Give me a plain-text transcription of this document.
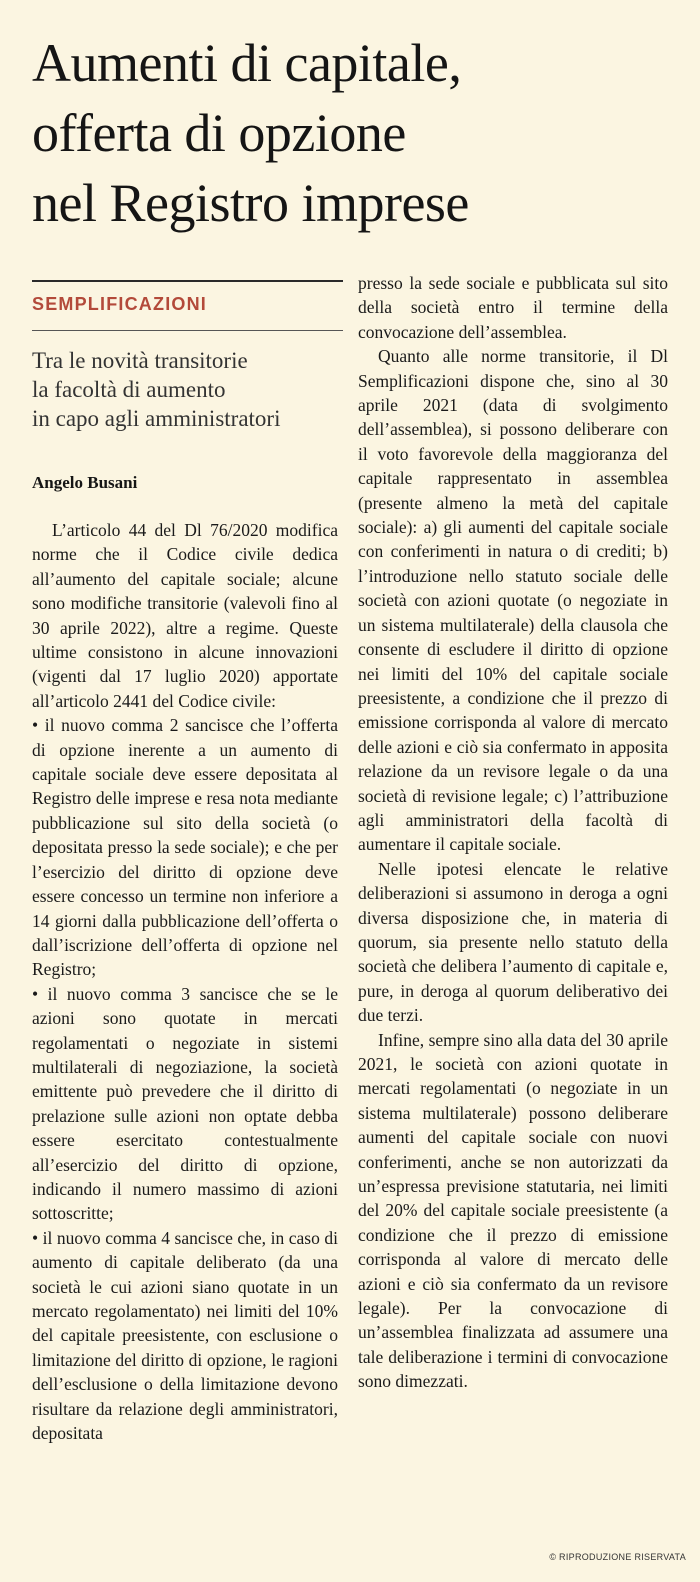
Aumenti di capitale,
offerta di opzione
nel Registro imprese
SEMPLIFICAZIONI
Tra le novità transitorie
la facoltà di aumento
in capo agli amministratori
Angelo Busani

L’articolo 44 del Dl 76/2020 modifica norme che il Codice civile dedica all’aumento del capitale sociale; alcune sono modifiche transitorie (valevoli fino al 30 aprile 2022), altre a regime. Queste ultime consistono in alcune innovazioni (vigenti dal 17 luglio 2020) apportate all’articolo 2441 del Codice civile:

• il nuovo comma 2 sancisce che l’offerta di opzione inerente a un aumento di capitale sociale deve essere depositata al Registro delle imprese e resa nota mediante pubblicazione sul sito della società (o depositata presso la sede sociale); e che per l’esercizio del diritto di opzione deve essere concesso un termine non inferiore a 14 giorni dalla pubblicazione dell’offerta o dall’iscrizione dell’offerta di opzione nel Registro;

• il nuovo comma 3 sancisce che se le azioni sono quotate in mercati regolamentati o negoziate in sistemi multilaterali di negoziazione, la società emittente può prevedere che il diritto di prelazione sulle azioni non optate debba essere esercitato contestualmente all’esercizio del diritto di opzione, indicando il numero massimo di azioni sottoscritte;

• il nuovo comma 4 sancisce che, in caso di aumento di capitale deliberato (da una società le cui azioni siano quotate in un mercato regolamentato) nei limiti del 10% del capitale preesistente, con esclusione o limitazione del diritto di opzione, le ragioni dell’esclusione o della limitazione devono risultare da relazione degli amministratori, depositata

presso la sede sociale e pubblicata sul sito della società entro il termine della convocazione dell’assemblea.

Quanto alle norme transitorie, il Dl Semplificazioni dispone che, sino al 30 aprile 2021 (data di svolgimento dell’assemblea), si possono deliberare con il voto favorevole della maggioranza del capitale rappresentato in assemblea (presente almeno la metà del capitale sociale): a) gli aumenti del capitale sociale con conferimenti in natura o di crediti; b) l’introduzione nello statuto sociale delle società con azioni quotate (o negoziate in un sistema multilaterale) della clausola che consente di escludere il diritto di opzione nei limiti del 10% del capitale sociale preesistente, a condizione che il prezzo di emissione corrisponda al valore di mercato delle azioni e ciò sia confermato in apposita relazione da un revisore legale o da una società di revisione legale; c) l’attribuzione agli amministratori della facoltà di aumentare il capitale sociale.

Nelle ipotesi elencate le relative deliberazioni si assumono in deroga a ogni diversa disposizione che, in materia di quorum, sia presente nello statuto della società che delibera l’aumento di capitale e, pure, in deroga al quorum deliberativo dei due terzi.

Infine, sempre sino alla data del 30 aprile 2021, le società con azioni quotate in mercati regolamentati (o negoziate in un sistema multilaterale) possono deliberare aumenti del capitale sociale con nuovi conferimenti, anche se non autorizzati da un’espressa previsione statutaria, nei limiti del 20% del capitale sociale preesistente (a condizione che il prezzo di emissione corrisponda al valore di mercato delle azioni e ciò sia confermato da un revisore legale). Per la convocazione di un’assemblea finalizzata ad assumere una tale deliberazione i termini di convocazione sono dimezzati.

© RIPRODUZIONE RISERVATA
